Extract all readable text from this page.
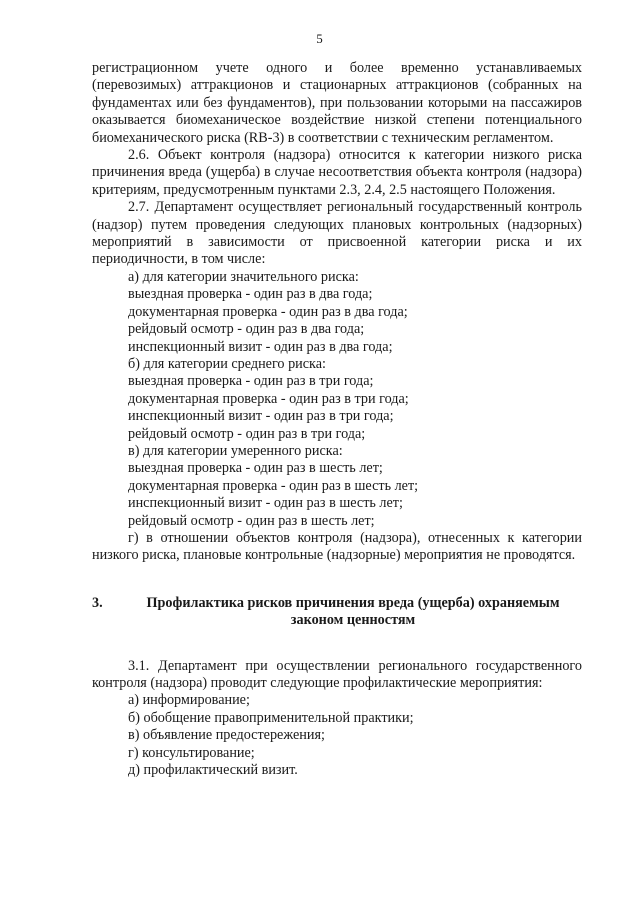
5

регистрационном учете одного и более временно устанавливаемых (перевозимых) аттракционов и стационарных аттракционов (собранных на фундаментах или без фундаментов), при пользовании которыми на пассажиров оказывается биомеханическое воздействие низкой степени потенциального биомеханического риска (RB-3) в соответствии с техническим регламентом.

2.6. Объект контроля (надзора) относится к категории низкого риска причинения вреда (ущерба) в случае несоответствия объекта контроля (надзора) критериям, предусмотренным пунктами 2.3, 2.4, 2.5 настоящего Положения.

2.7. Департамент осуществляет региональный государственный контроль (надзор) путем проведения следующих плановых контрольных (надзорных) мероприятий в зависимости от присвоенной категории риска и их периодичности, в том числе:

а) для категории значительного риска:

выездная проверка - один раз в два года;

документарная проверка - один раз в два года;

рейдовый осмотр - один раз в два года;

инспекционный визит - один раз в два года;

б) для категории среднего риска:

выездная проверка - один раз в три года;

документарная проверка - один раз в три года;

инспекционный визит - один раз в три года;

рейдовый осмотр - один раз в три года;

в) для категории умеренного риска:

выездная проверка - один раз в шесть лет;

документарная проверка - один раз в шесть лет;

инспекционный визит - один раз в шесть лет;

рейдовый осмотр - один раз в шесть лет;

г) в отношении объектов контроля (надзора), отнесенных к категории низкого риска, плановые контрольные (надзорные) мероприятия не проводятся.

3.	Профилактика рисков причинения вреда (ущерба) охраняемым законом ценностям

3.1. Департамент при осуществлении регионального государственного контроля (надзора) проводит следующие профилактические мероприятия:

а) информирование;

б) обобщение правоприменительной практики;

в) объявление предостережения;

г) консультирование;

д) профилактический визит.
